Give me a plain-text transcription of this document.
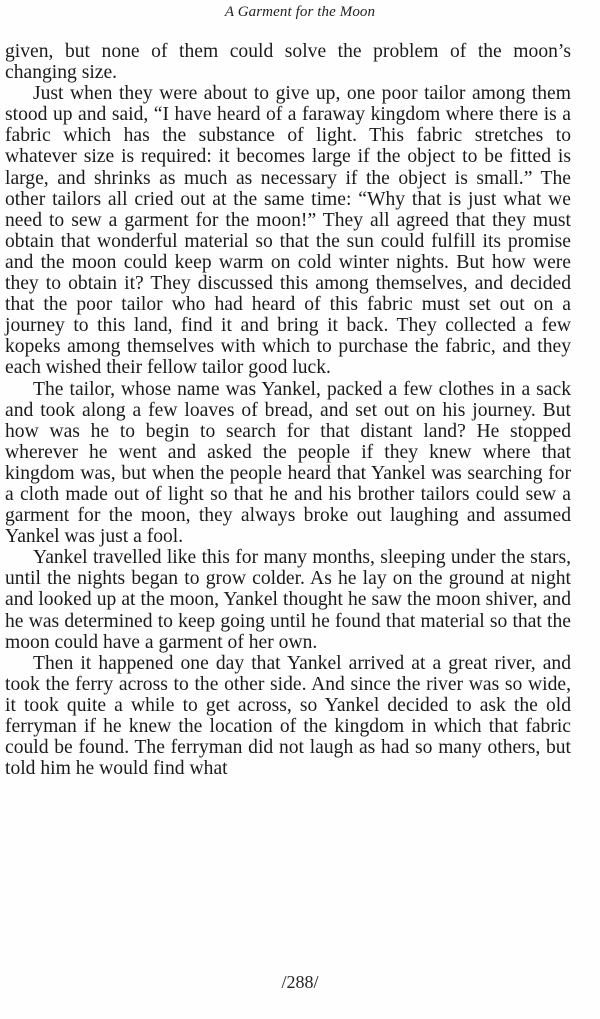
A Garment for the Moon

given, but none of them could solve the problem of the moon’s changing size.

Just when they were about to give up, one poor tailor among them stood up and said, “I have heard of a faraway kingdom where there is a fabric which has the substance of light. This fabric stretches to whatever size is required: it becomes large if the object to be fitted is large, and shrinks as much as necessary if the object is small.” The other tailors all cried out at the same time: “Why that is just what we need to sew a garment for the moon!” They all agreed that they must obtain that wonderful material so that the sun could fulfill its promise and the moon could keep warm on cold winter nights. But how were they to obtain it? They discussed this among themselves, and decided that the poor tailor who had heard of this fabric must set out on a journey to this land, find it and bring it back. They collected a few kopeks among themselves with which to purchase the fabric, and they each wished their fellow tailor good luck.

The tailor, whose name was Yankel, packed a few clothes in a sack and took along a few loaves of bread, and set out on his journey. But how was he to begin to search for that distant land? He stopped wherever he went and asked the people if they knew where that kingdom was, but when the people heard that Yankel was searching for a cloth made out of light so that he and his brother tailors could sew a garment for the moon, they always broke out laughing and assumed Yankel was just a fool.

Yankel travelled like this for many months, sleeping under the stars, until the nights began to grow colder. As he lay on the ground at night and looked up at the moon, Yankel thought he saw the moon shiver, and he was determined to keep going until he found that material so that the moon could have a garment of her own.

Then it happened one day that Yankel arrived at a great river, and took the ferry across to the other side. And since the river was so wide, it took quite a while to get across, so Yankel decided to ask the old ferryman if he knew the location of the kingdom in which that fabric could be found. The ferryman did not laugh as had so many others, but told him he would find what

/288/
